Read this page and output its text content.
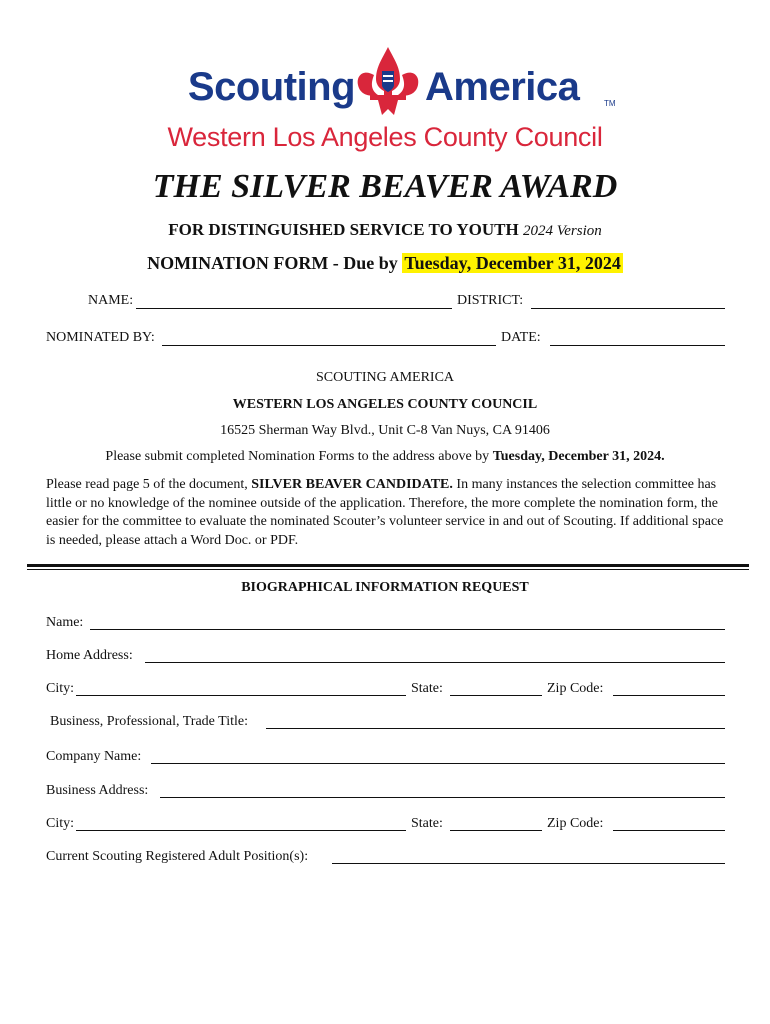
Scouting America	TM
Western Los Angeles County Council
THE SILVER BEAVER AWARD
FOR DISTINGUISHED SERVICE TO YOUTH 2024 Version
NOMINATION FORM - Due by Tuesday, December 31, 2024
NAME:	DISTRICT:
NOMINATED BY:	DATE:
SCOUTING AMERICA
WESTERN LOS ANGELES COUNTY COUNCIL
16525 Sherman Way Blvd., Unit C-8 Van Nuys, CA 91406
Please submit completed Nomination Forms to the address above by Tuesday, December 31, 2024.
Please read page 5 of the document, SILVER BEAVER CANDIDATE. In many instances the selection committee has little or no knowledge of the nominee outside of the application. Therefore, the more complete the nomination form, the easier for the committee to evaluate the nominated Scouter’s volunteer service in and out of Scouting. If additional space is needed, please attach a Word Doc. or PDF.
BIOGRAPHICAL INFORMATION REQUEST
Name:
Home Address:
City:	State:	Zip Code:
Business, Professional, Trade Title:
Company Name:
Business Address:
City:	State:	Zip Code:
Current Scouting Registered Adult Position(s):
